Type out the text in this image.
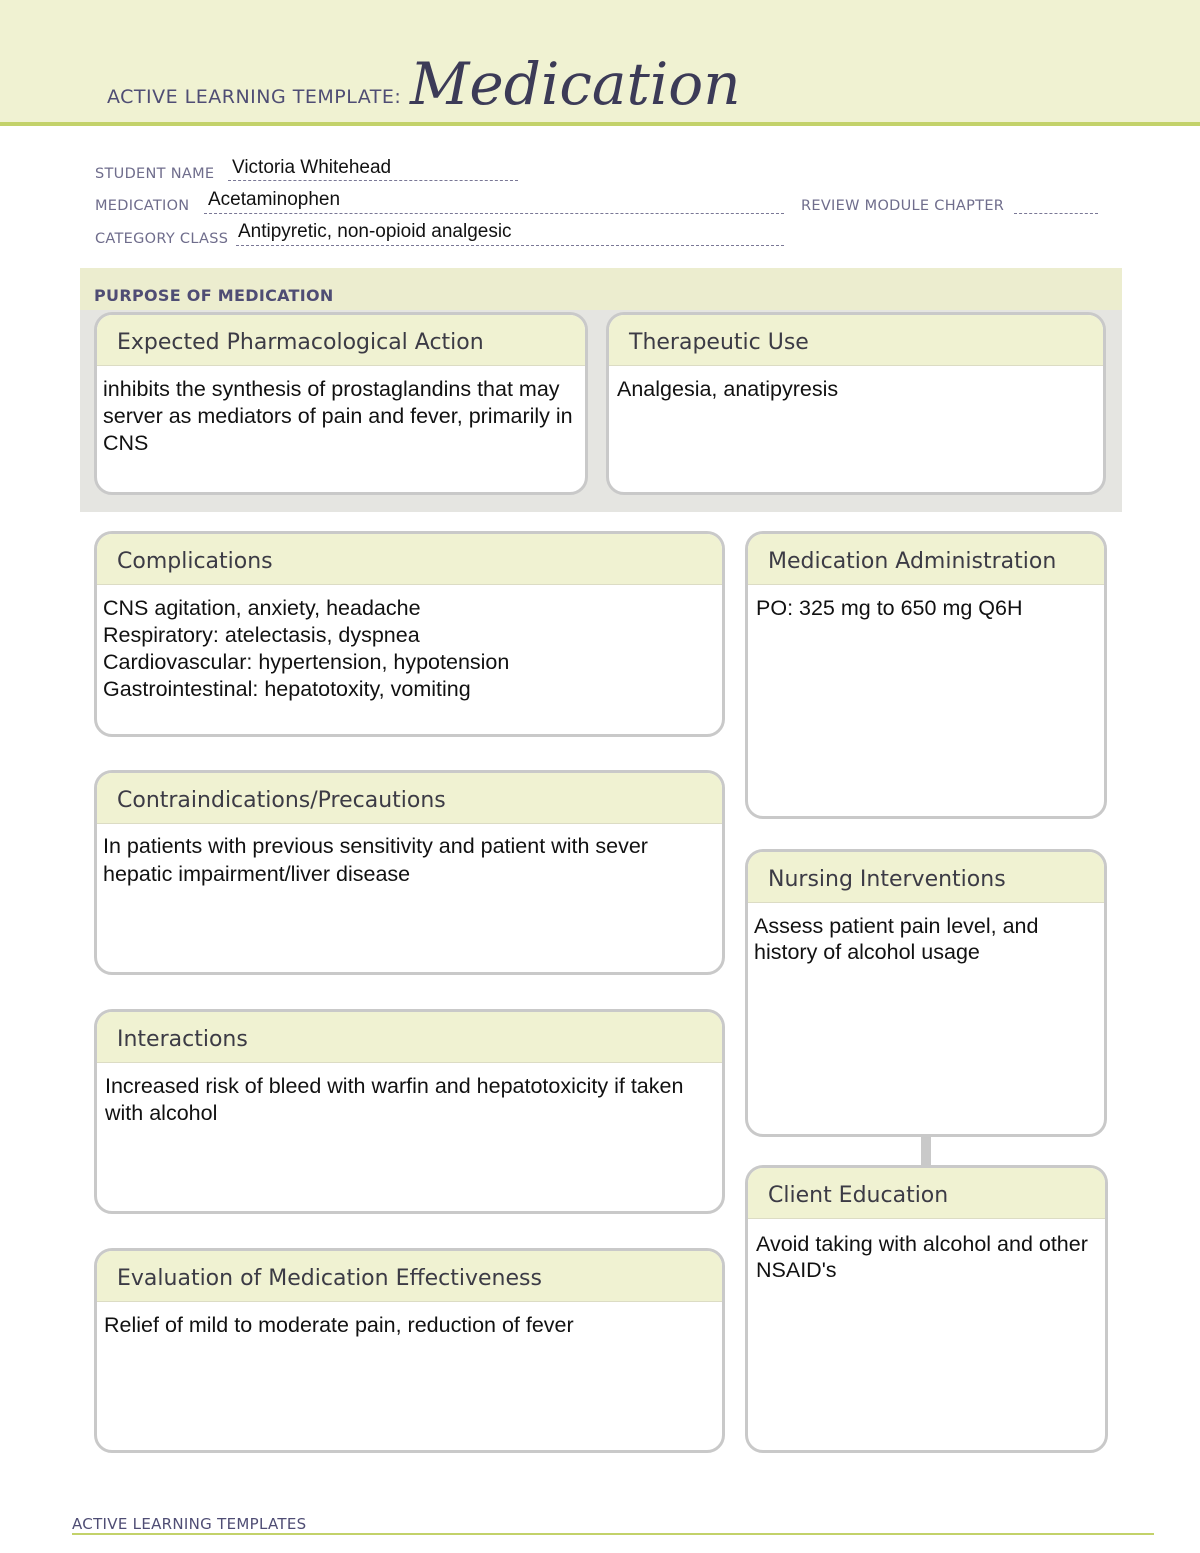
ACTIVE LEARNING TEMPLATE: Medication
STUDENT NAME Victoria Whitehead
MEDICATION Acetaminophen	REVIEW MODULE CHAPTER
CATEGORY CLASS Antipyretic, non-opioid analgesic
PURPOSE OF MEDICATION
Expected Pharmacological Action
inhibits the synthesis of prostaglandins that may server as mediators of pain and fever, primarily in CNS
Therapeutic Use
Analgesia, anatipyresis
Complications
CNS agitation, anxiety, headache
Respiratory: atelectasis, dyspnea
Cardiovascular: hypertension, hypotension
Gastrointestinal: hepatotoxity, vomiting
Contraindications/Precautions
In patients with previous sensitivity and patient with sever hepatic impairment/liver disease
Interactions
Increased risk of bleed with warfin and hepatotoxicity if taken with alcohol
Evaluation of Medication Effectiveness
Relief of mild to moderate pain, reduction of fever
Medication Administration
PO: 325 mg to 650 mg Q6H
Nursing Interventions
Assess patient pain level, and history of alcohol usage
Client Education
Avoid taking with alcohol and other NSAID's
ACTIVE LEARNING TEMPLATES
